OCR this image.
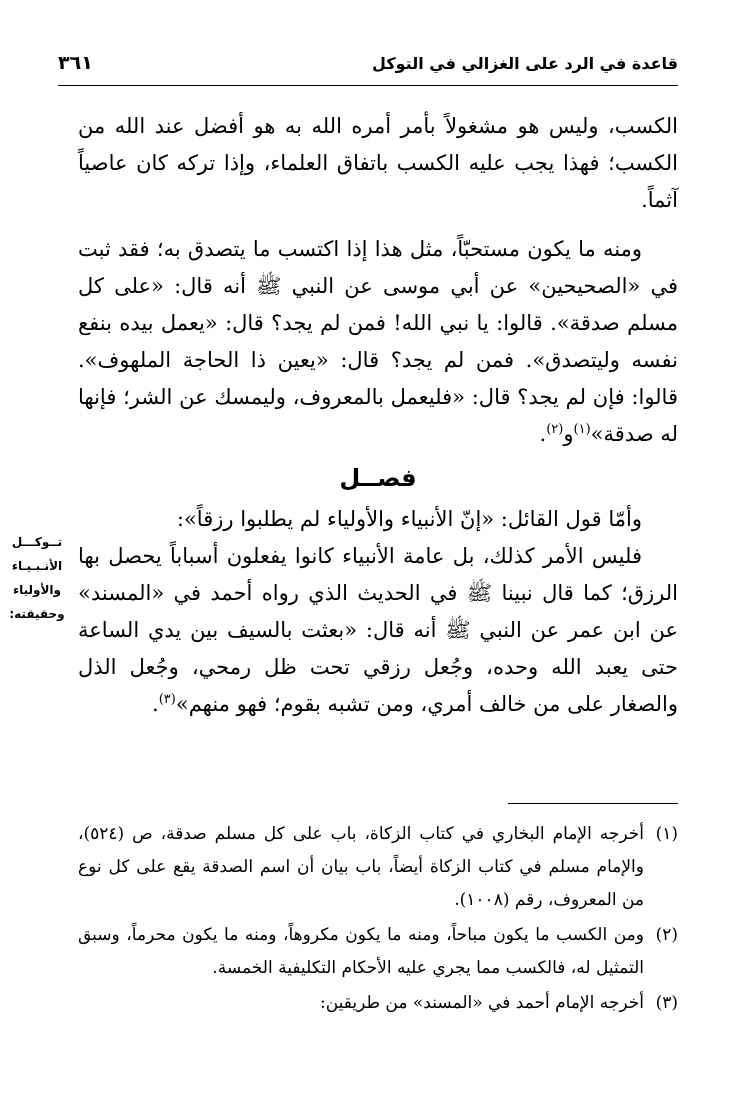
قاعدة في الرد على الغزالي في التوكل
٣٦١

الكسب، وليس هو مشغولاً بأمر أمره الله به هو أفضل عند الله من الكسب؛ فهذا يجب عليه الكسب باتفاق العلماء، وإذا تركه كان عاصياً آثماً.

ومنه ما يكون مستحبّاً، مثل هذا إذا اكتسب ما يتصدق به؛ فقد ثبت في «الصحيحين» عن أبي موسى عن النبي ﷺ أنه قال: «على كل مسلم صدقة». قالوا: يا نبي الله! فمن لم يجد؟ قال: «يعمل بيده بنفع نفسه وليتصدق». فمن لم يجد؟ قال: «يعين ذا الحاجة الملهوف». قالوا: فإن لم يجد؟ قال: «فليعمل بالمعروف، وليمسك عن الشر؛ فإنها له صدقة»$^{(١)}$و$^{(٢)}$.

فصــل

وأمّا قول القائل: «إنّ الأنبياء والأولياء لم يطلبوا رزقاً»:

فليس الأمر كذلك، بل عامة الأنبياء كانوا يفعلون أسباباً يحصل بها الرزق؛ كما قال نبينا ﷺ في الحديث الذي رواه أحمد في «المسند» عن ابن عمر عن النبي ﷺ أنه قال: «بعثت بالسيف بين يدي الساعة حتى يعبد الله وحده، وجُعل رزقي تحت ظل رمحي، وجُعل الذل والصغار على من خالف أمري، ومن تشبه بقوم؛ فهو منهم»$^{(٣)}$.

تــوكـــل
الأنـبـيـاء
والأولياء
وحقيقته:
(١)
أخرجه الإمام البخاري في كتاب الزكاة، باب على كل مسلم صدقة، ص (٥٢٤)، والإمام مسلم في كتاب الزكاة أيضاً، باب بيان أن اسم الصدقة يقع على كل نوع من المعروف، رقم (١٠٠٨).
(٢)
ومن الكسب ما يكون مباحاً، ومنه ما يكون مكروهاً، ومنه ما يكون محرماً، وسبق التمثيل له، فالكسب مما يجري عليه الأحكام التكليفية الخمسة.
(٣)
أخرجه الإمام أحمد في «المسند» من طريقين:
